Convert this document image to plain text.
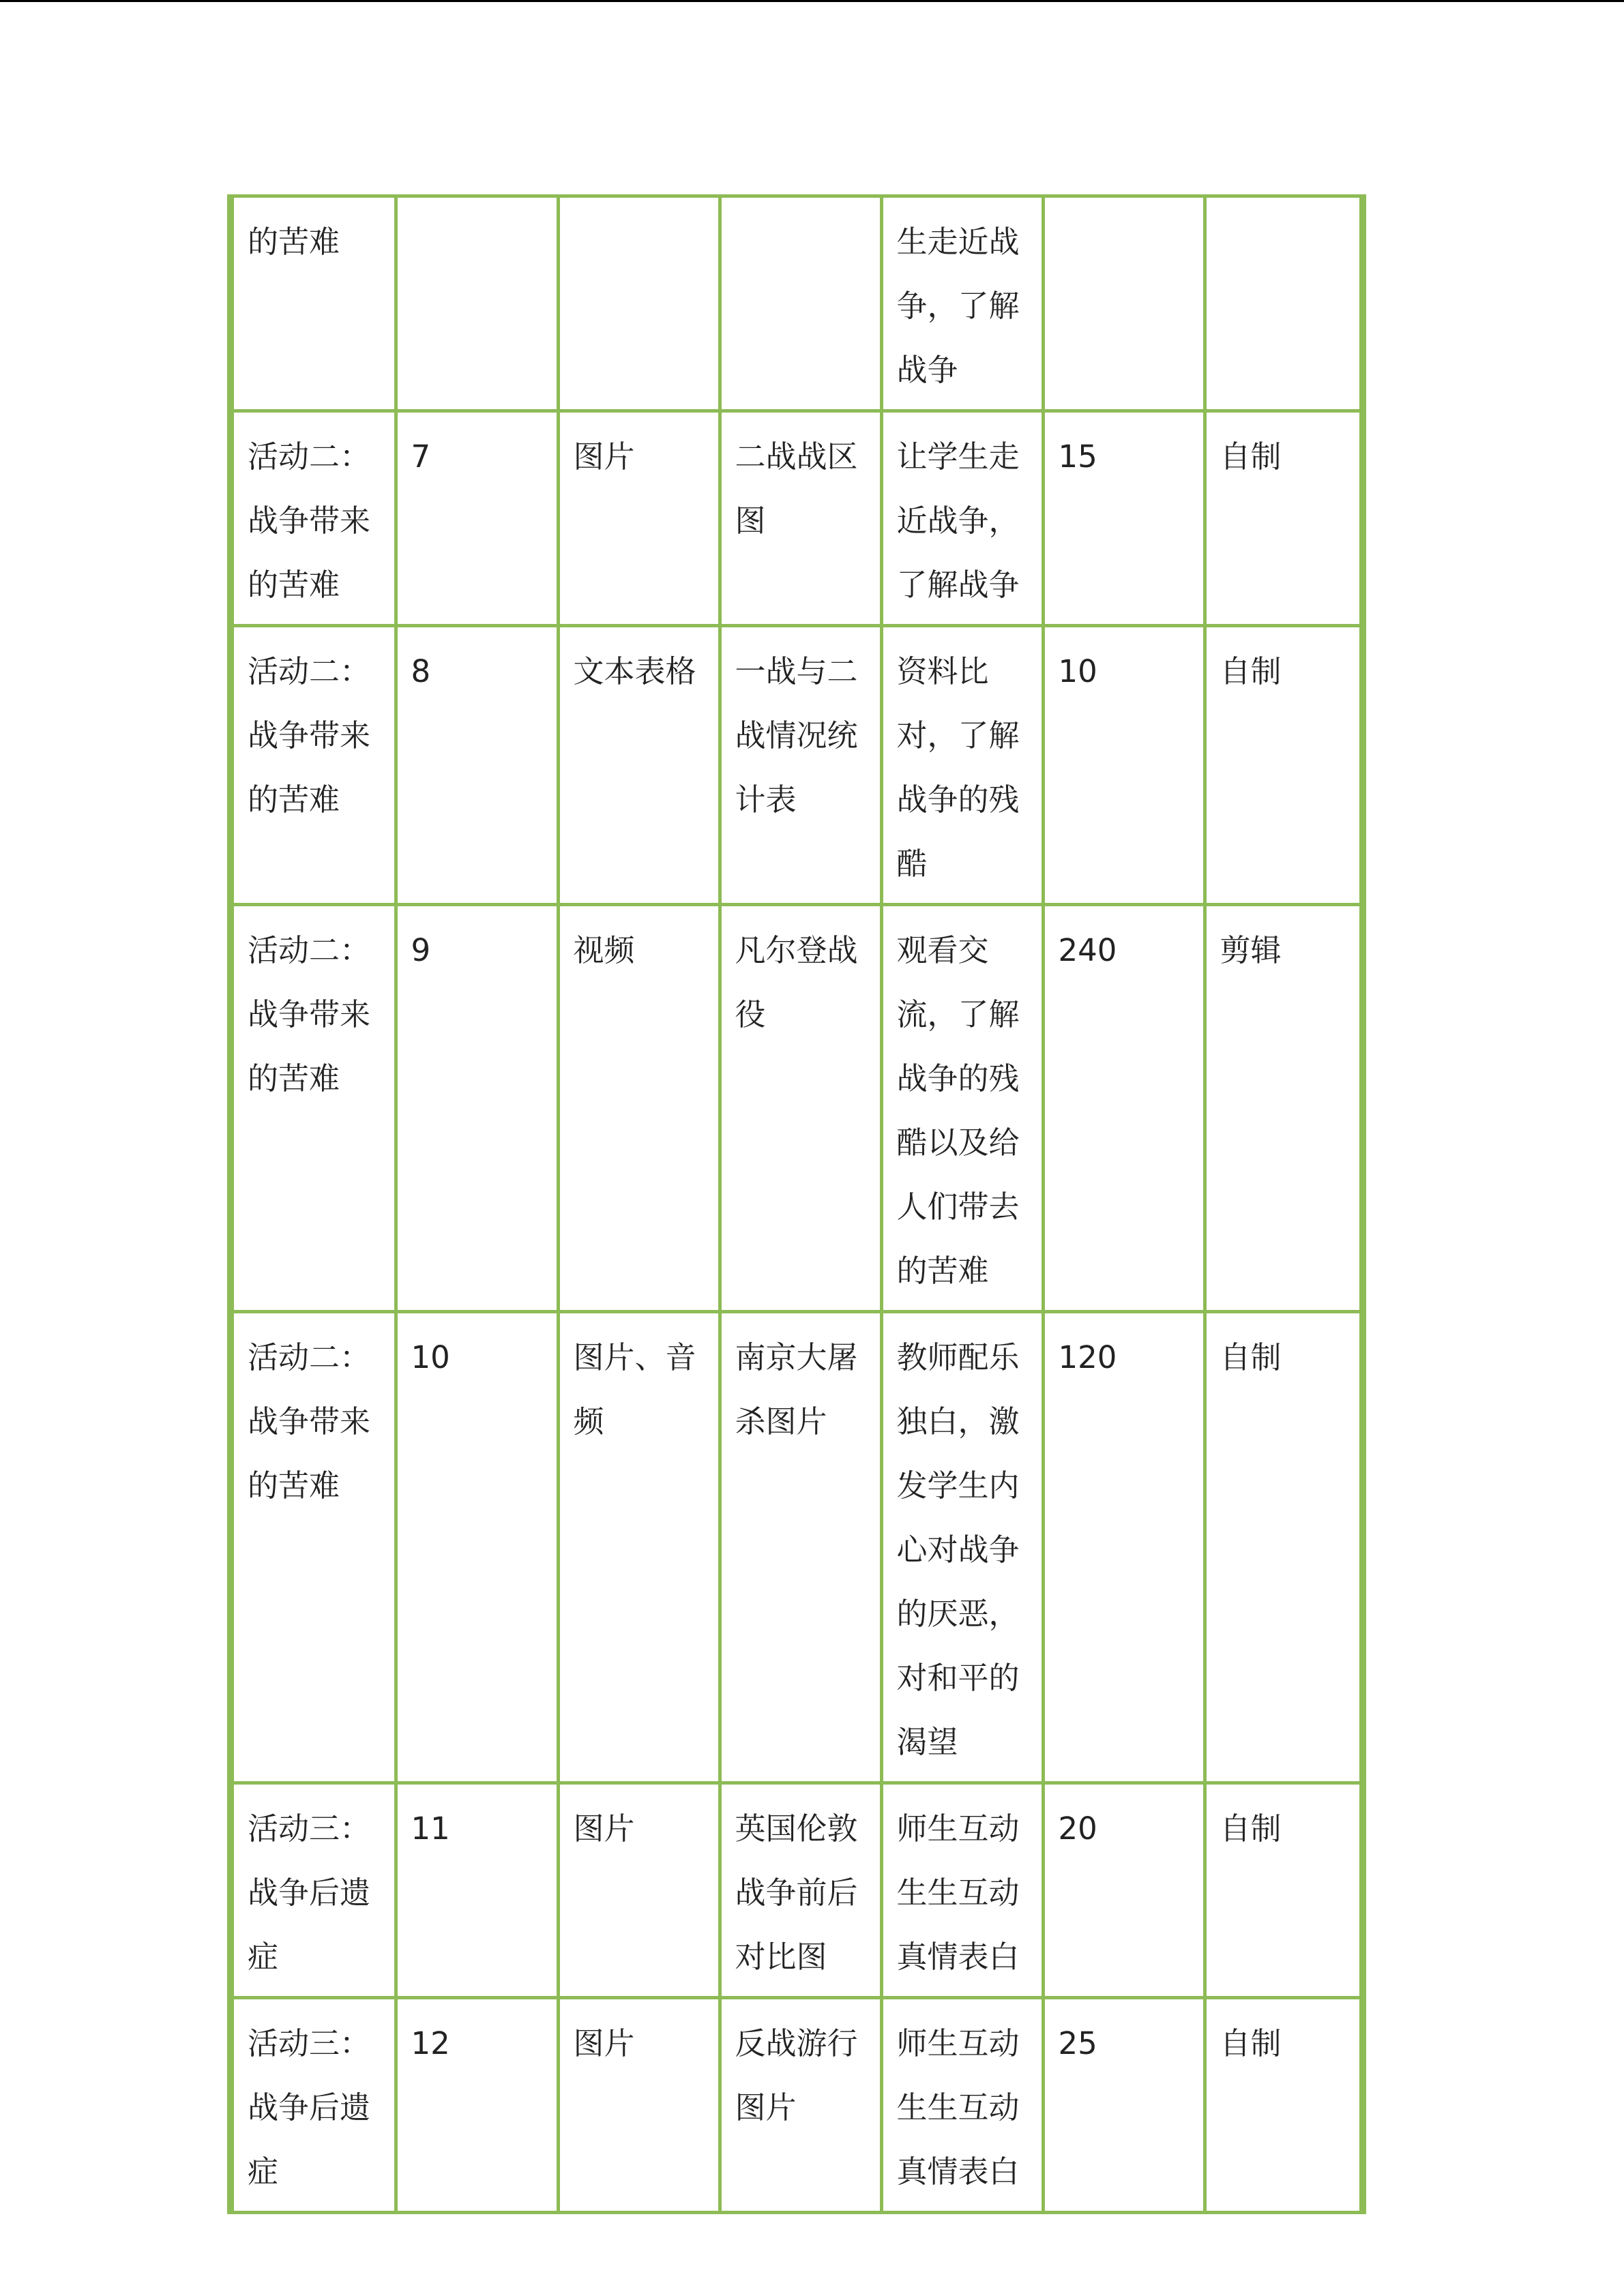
的苦难				生走近战争，了解战争		
活动二：战争带来的苦难	7	图片	二战战区图	让学生走近战争，了解战争	15	自制
活动二：战争带来的苦难	8	文本表格	一战与二战情况统计表	资料比对，了解战争的残酷	10	自制
活动二：战争带来的苦难	9	视频	凡尔登战役	观看交流，了解战争的残酷以及给人们带去的苦难	240	剪辑
活动二：战争带来的苦难	10	图片、音频	南京大屠杀图片	教师配乐独白，激发学生内心对战争的厌恶，对和平的渴望	120	自制
活动三：战争后遗症	11	图片	英国伦敦战争前后对比图	师生互动生生互动真情表白	20	自制
活动三：战争后遗症	12	图片	反战游行图片	师生互动生生互动真情表白	25	自制
